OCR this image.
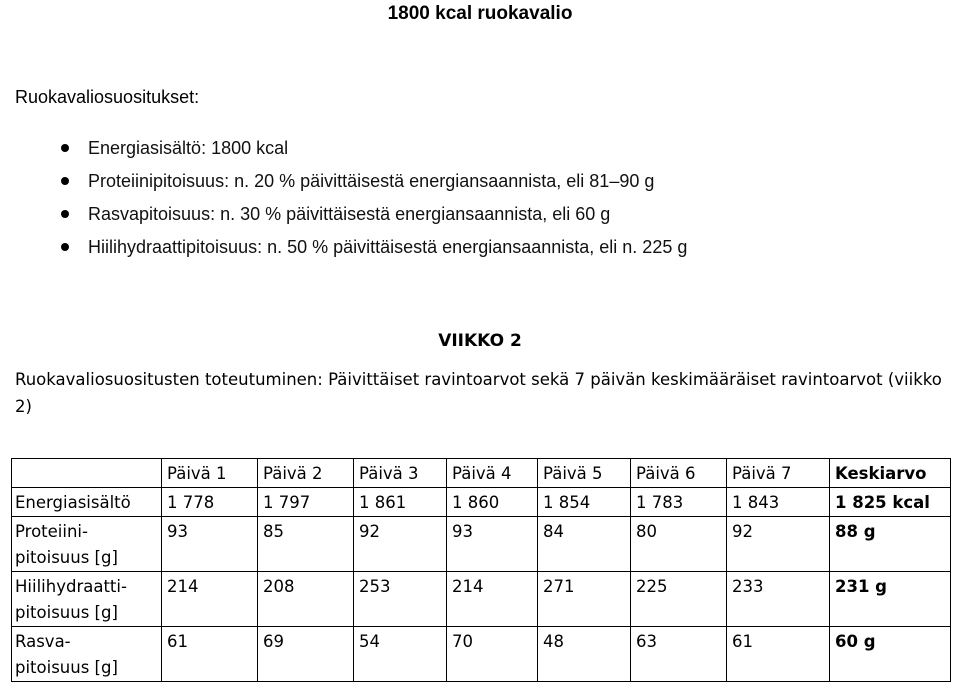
1800 kcal ruokavalio
Ruokavaliosuositukset:
Energiasisältö: 1800 kcal
Proteiinipitoisuus: n. 20 % päivittäisestä energiansaannista, eli 81–90 g
Rasvapitoisuus: n. 30 % päivittäisestä energiansaannista, eli 60 g
Hiilihydraattipitoisuus: n. 50 % päivittäisestä energiansaannista, eli n. 225 g
VIIKKO 2
Ruokavaliosuositusten toteutuminen: Päivittäiset ravintoarvot sekä 7 päivän keskimääräiset ravintoarvot (viikko 2)
	Päivä 1	Päivä 2	Päivä 3	Päivä 4	Päivä 5	Päivä 6	Päivä 7	Keskiarvo
Energiasisältö	1 778	1 797	1 861	1 860	1 854	1 783	1 843	1 825 kcal
Proteiini-
pitoisuus [g]	93	85	92	93	84	80	92	88 g
Hiilihydraatti-
pitoisuus [g]	214	208	253	214	271	225	233	231 g
Rasva-
pitoisuus [g]	61	69	54	70	48	63	61	60 g
